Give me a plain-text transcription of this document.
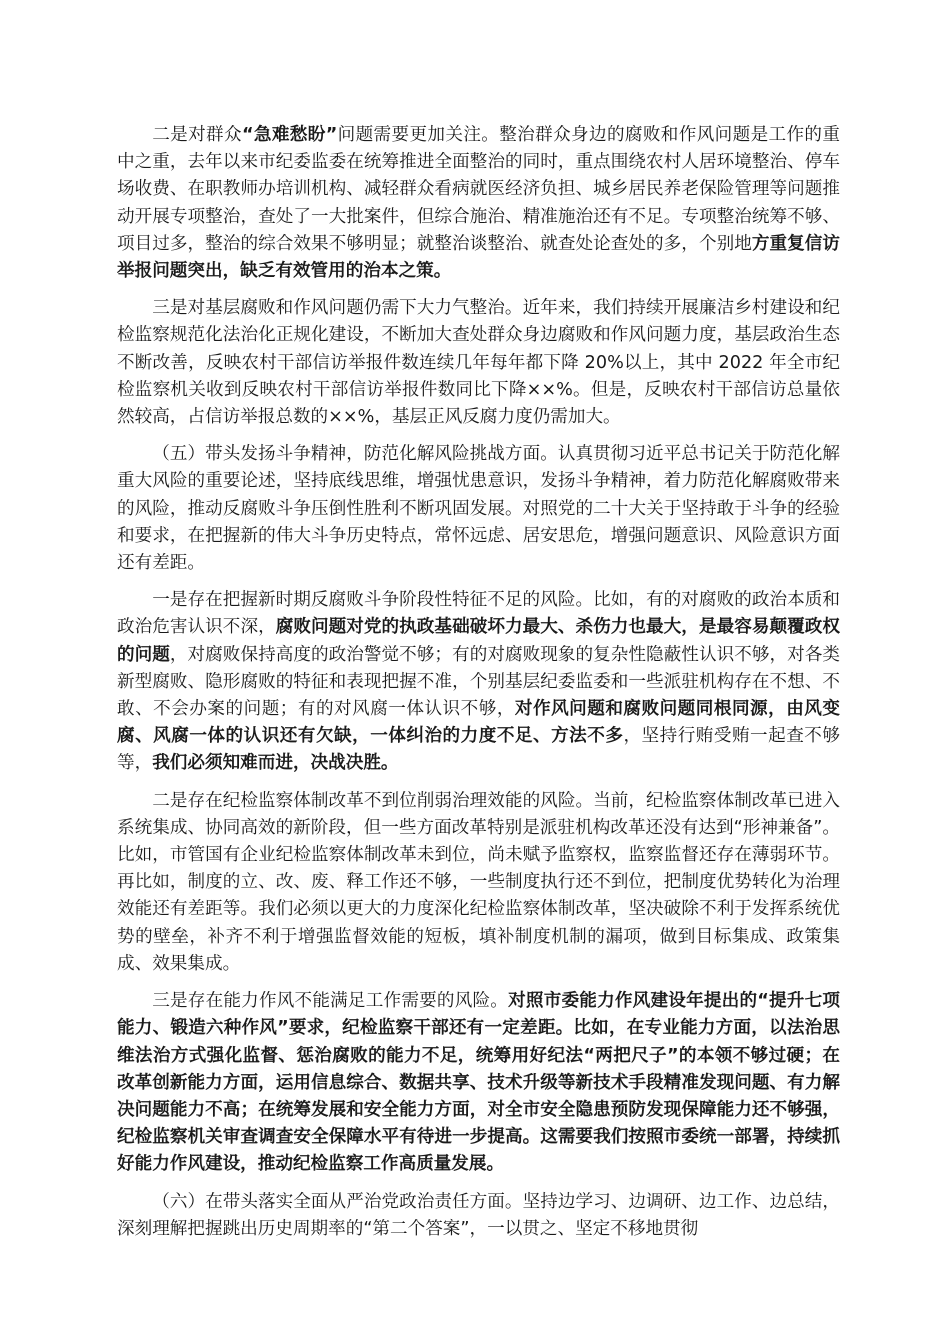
二是对群众“急难愁盼”问题需要更加关注。整治群众身边的腐败和作风问题是工作的重中之重，去年以来市纪委监委在统筹推进全面整治的同时，重点围绕农村人居环境整治、停车场收费、在职教师办培训机构、减轻群众看病就医经济负担、城乡居民养老保险管理等问题推动开展专项整治，查处了一大批案件，但综合施治、精准施治还有不足。专项整治统筹不够、项目过多，整治的综合效果不够明显；就整治谈整治、就查处论查处的多，个别地方重复信访举报问题突出，缺乏有效管用的治本之策。

三是对基层腐败和作风问题仍需下大力气整治。近年来，我们持续开展廉洁乡村建设和纪检监察规范化法治化正规化建设，不断加大查处群众身边腐败和作风问题力度，基层政治生态不断改善，反映农村干部信访举报件数连续几年每年都下降 20%以上，其中 2022 年全市纪检监察机关收到反映农村干部信访举报件数同比下降××%。但是，反映农村干部信访总量依然较高，占信访举报总数的××%，基层正风反腐力度仍需加大。

（五）带头发扬斗争精神，防范化解风险挑战方面。认真贯彻习近平总书记关于防范化解重大风险的重要论述，坚持底线思维，增强忧患意识，发扬斗争精神，着力防范化解腐败带来的风险，推动反腐败斗争压倒性胜利不断巩固发展。对照党的二十大关于坚持敢于斗争的经验和要求，在把握新的伟大斗争历史特点，常怀远虑、居安思危，增强问题意识、风险意识方面还有差距。

一是存在把握新时期反腐败斗争阶段性特征不足的风险。比如，有的对腐败的政治本质和政治危害认识不深，腐败问题对党的执政基础破坏力最大、杀伤力也最大，是最容易颠覆政权的问题，对腐败保持高度的政治警觉不够；有的对腐败现象的复杂性隐蔽性认识不够，对各类新型腐败、隐形腐败的特征和表现把握不准，个别基层纪委监委和一些派驻机构存在不想、不敢、不会办案的问题；有的对风腐一体认识不够，对作风问题和腐败问题同根同源，由风变腐、风腐一体的认识还有欠缺，一体纠治的力度不足、方法不多，坚持行贿受贿一起查不够等，我们必须知难而进，决战决胜。

二是存在纪检监察体制改革不到位削弱治理效能的风险。当前，纪检监察体制改革已进入系统集成、协同高效的新阶段，但一些方面改革特别是派驻机构改革还没有达到“形神兼备”。比如，市管国有企业纪检监察体制改革未到位，尚未赋予监察权，监察监督还存在薄弱环节。再比如，制度的立、改、废、释工作还不够，一些制度执行还不到位，把制度优势转化为治理效能还有差距等。我们必须以更大的力度深化纪检监察体制改革，坚决破除不利于发挥系统优势的壁垒，补齐不利于增强监督效能的短板，填补制度机制的漏项，做到目标集成、政策集成、效果集成。

三是存在能力作风不能满足工作需要的风险。对照市委能力作风建设年提出的“提升七项能力、锻造六种作风”要求，纪检监察干部还有一定差距。比如，在专业能力方面，以法治思维法治方式强化监督、惩治腐败的能力不足，统筹用好纪法“两把尺子”的本领不够过硬；在改革创新能力方面，运用信息综合、数据共享、技术升级等新技术手段精准发现问题、有力解决问题能力不高；在统筹发展和安全能力方面，对全市安全隐患预防发现保障能力还不够强，纪检监察机关审查调查安全保障水平有待进一步提高。这需要我们按照市委统一部署，持续抓好能力作风建设，推动纪检监察工作高质量发展。

（六）在带头落实全面从严治党政治责任方面。坚持边学习、边调研、边工作、边总结，深刻理解把握跳出历史周期率的“第二个答案”，一以贯之、坚定不移地贯彻
